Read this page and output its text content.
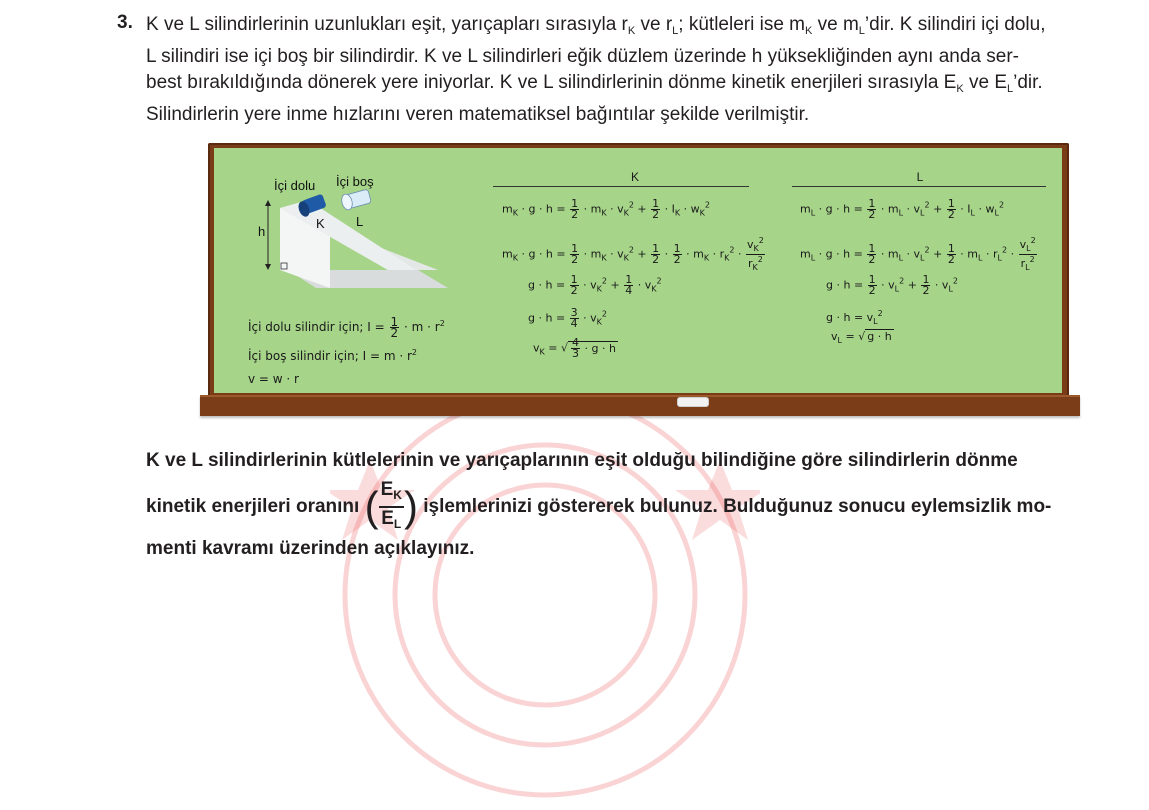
3. K ve L silindirlerinin uzunlukları eşit, yarıçapları sırasıyla $r_K$ ve $r_L$; kütleleri ise $m_K$ ve $m_L’dir$. K silindiri içi dolu,
L silindiri ise içi boş bir silindirdir. K ve L silindirleri eğik düzlem üzerinde h yüksekliğinden aynı anda ser-
best bırakıldığında dönerek yere iniyorlar. K ve L silindirlerinin dönme kinetik enerjileri sırasıyla $E_K$ ve $E_L’dir$.
Silindirlerin yere inme hızlarını veren matematiksel bağıntılar şekilde verilmiştir.
İçi dolu İçi boş
K L
h
İçi dolu silindir için; $I = \frac{1}{2} \cdot m \cdot r^2$
İçi boş silindir için; $I = m \cdot r^2$
v = w · r
K	L
$m_K \cdot g \cdot h = \frac{1}{2} \cdot m_K \cdot v_K^2 + \frac{1}{2} \cdot I_K \cdot w_K^2$
$m_K \cdot g \cdot h = \frac{1}{2} \cdot m_K \cdot v_K^2 + \frac{1}{2} \cdot \frac{1}{2} \cdot m_K \cdot r_K^2 \cdot \frac{v_K^2}{r_K^2}$
$g \cdot h = \frac{1}{2} \cdot v_K^2 + \frac{1}{4} \cdot v_K^2$
$g \cdot h = \frac{3}{4} \cdot v_K^2$
$v_K$ = √ $\frac{4}{3} \cdot g \cdot h$
$m_L \cdot g \cdot h = \frac{1}{2} \cdot m_L \cdot v_L^2 + \frac{1}{2} \cdot I_L \cdot w_L^2$
$m_L \cdot g \cdot h = \frac{1}{2} \cdot m_L \cdot v_L^2 + \frac{1}{2} \cdot m_L \cdot r_L^2 \cdot \frac{v_L^2}{r_L^2}$
$g \cdot h = \frac{1}{2} \cdot v_L^2 + \frac{1}{2} \cdot v_L^2$
$g \cdot h = v_L^2$
$v_L$ = √ g · h
K ve L silindirlerinin kütlelerinin ve yarıçaplarının eşit olduğu bilindiğine göre silindirlerin dönme
kinetik enerjileri oranını ( $\frac{E_K}{E_L}$ ) işlemlerinizi göstererek bulunuz. Bulduğunuz sonucu eylemsizlik mo-
menti kavramı üzerinden açıklayınız.
